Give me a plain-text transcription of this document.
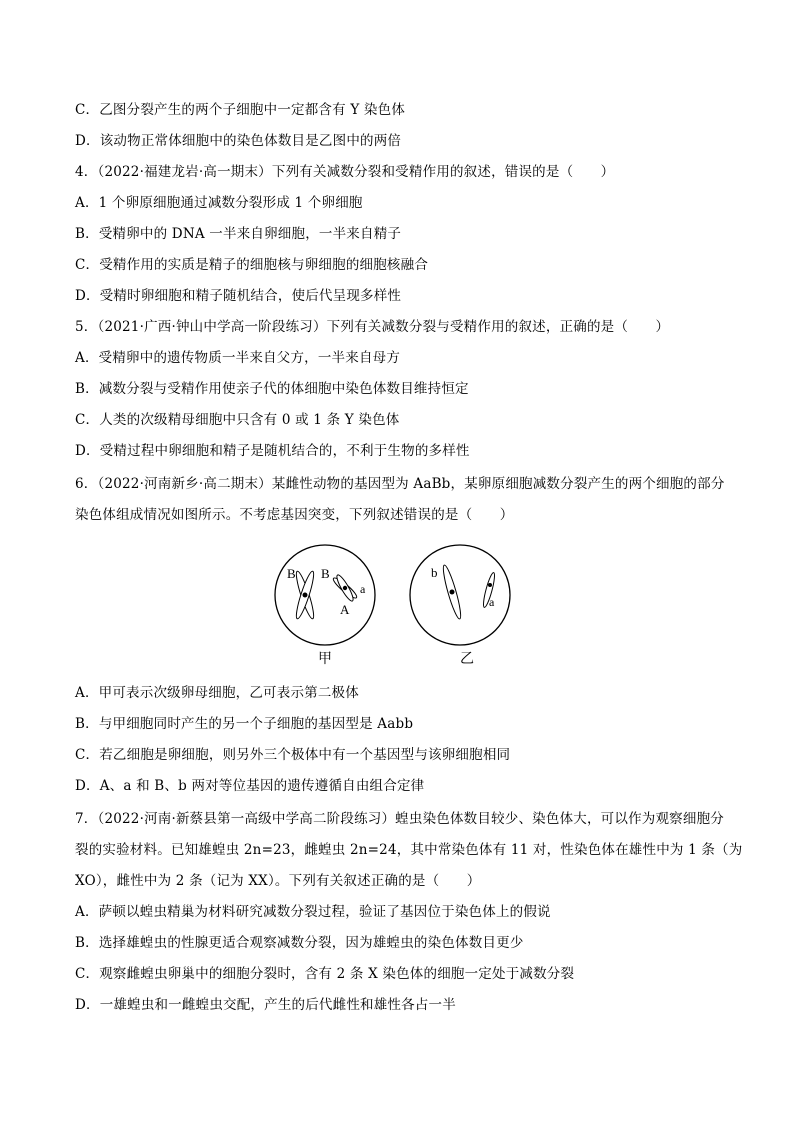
C．乙图分裂产生的两个子细胞中一定都含有 Y 染色体
D．该动物正常体细胞中的染色体数目是乙图中的两倍
4．（2022·福建龙岩·高一期末）下列有关减数分裂和受精作用的叙述，错误的是（　　）
A．1 个卵原细胞通过减数分裂形成 1 个卵细胞
B．受精卵中的 DNA 一半来自卵细胞，一半来自精子
C．受精作用的实质是精子的细胞核与卵细胞的细胞核融合
D．受精时卵细胞和精子随机结合，使后代呈现多样性
5．（2021·广西·钟山中学高一阶段练习）下列有关减数分裂与受精作用的叙述，正确的是（　　）
A．受精卵中的遗传物质一半来自父方，一半来自母方
B．减数分裂与受精作用使亲子代的体细胞中染色体数目维持恒定
C．人类的次级精母细胞中只含有 0 或 1 条 Y 染色体
D．受精过程中卵细胞和精子是随机结合的，不利于生物的多样性
6．（2022·河南新乡·高二期末）某雌性动物的基因型为 AaBb，某卵原细胞减数分裂产生的两个细胞的部分
染色体组成情况如图所示。不考虑基因突变，下列叙述错误的是（　　）
B B
a
A
甲
b
a
乙
A．甲可表示次级卵母细胞，乙可表示第二极体
B．与甲细胞同时产生的另一个子细胞的基因型是 Aabb
C．若乙细胞是卵细胞，则另外三个极体中有一个基因型与该卵细胞相同
D．A、a 和 B、b 两对等位基因的遗传遵循自由组合定律
7．（2022·河南·新蔡县第一高级中学高二阶段练习）蝗虫染色体数目较少、染色体大，可以作为观察细胞分
裂的实验材料。已知雄蝗虫 2n=23，雌蝗虫 2n=24，其中常染色体有 11 对，性染色体在雄性中为 1 条（为
XO），雌性中为 2 条（记为 XX）。下列有关叙述正确的是（　　）
A．萨顿以蝗虫精巢为材料研究减数分裂过程，验证了基因位于染色体上的假说
B．选择雄蝗虫的性腺更适合观察减数分裂，因为雄蝗虫的染色体数目更少
C．观察雌蝗虫卵巢中的细胞分裂时，含有 2 条 X 染色体的细胞一定处于减数分裂
D．一雄蝗虫和一雌蝗虫交配，产生的后代雌性和雄性各占一半
